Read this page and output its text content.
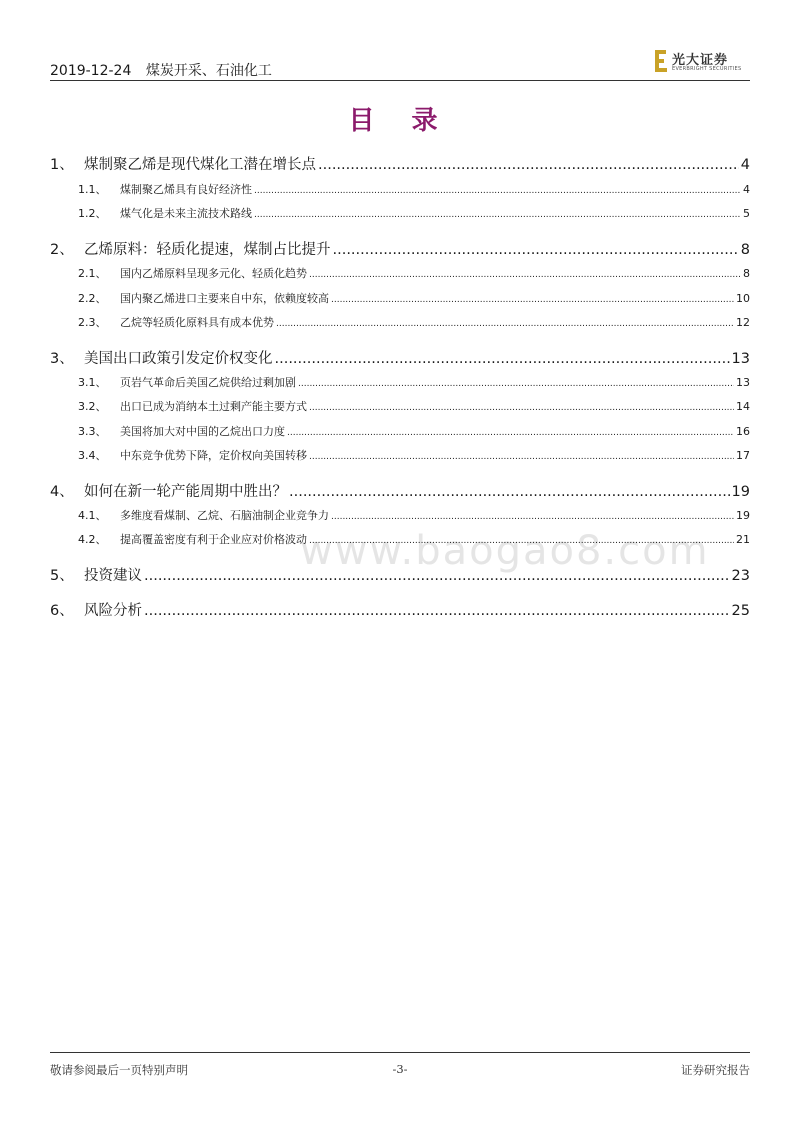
2019-12-24 煤炭开采、石油化工
光大证券
EVERBRIGHT SECURITIES
目 录
www.baogao8.com
1、 煤制聚乙烯是现代煤化工潜在增长点 .....	4
1.1、	煤制聚乙烯具有良好经济性 .....	4
1.2、	煤气化是未来主流技术路线 .....	5
2、 乙烯原料：轻质化提速，煤制占比提升 .....	8
2.1、	国内乙烯原料呈现多元化、轻质化趋势 .....	8
2.2、	国内聚乙烯进口主要来自中东，依赖度较高 .....	10
2.3、	乙烷等轻质化原料具有成本优势 .....	12
3、 美国出口政策引发定价权变化 .....	13
3.1、	页岩气革命后美国乙烷供给过剩加剧 .....	13
3.2、	出口已成为消纳本土过剩产能主要方式 .....	14
3.3、	美国将加大对中国的乙烷出口力度 .....	16
3.4、	中东竞争优势下降，定价权向美国转移 .....	17
4、 如何在新一轮产能周期中胜出？ .....	19
4.1、	多维度看煤制、乙烷、石脑油制企业竞争力 .....	19
4.2、	提高覆盖密度有利于企业应对价格波动 .....	21
5、 投资建议 .....	23
6、 风险分析 .....	25
敬请参阅最后一页特别声明	-3-	证券研究报告
